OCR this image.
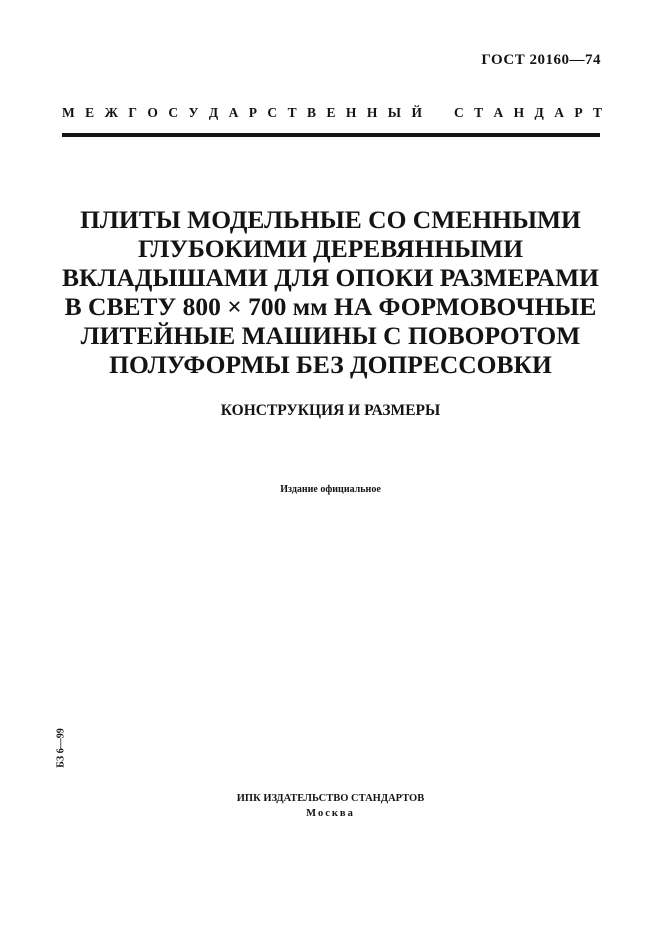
ГОСТ 20160—74
М Е Ж Г О С У Д А Р С Т В Е Н Н Ы Й С Т А Н Д А Р Т
ПЛИТЫ МОДЕЛЬНЫЕ СО СМЕННЫМИ
ГЛУБОКИМИ ДЕРЕВЯННЫМИ
ВКЛАДЫШАМИ ДЛЯ ОПОКИ РАЗМЕРАМИ
В СВЕТУ 800 × 700 мм НА ФОРМОВОЧНЫЕ
ЛИТЕЙНЫЕ МАШИНЫ С ПОВОРОТОМ
ПОЛУФОРМЫ БЕЗ ДОПРЕССОВКИ
КОНСТРУКЦИЯ И РАЗМЕРЫ
Издание официальное
БЗ 6—99
ИПК ИЗДАТЕЛЬСТВО СТАНДАРТОВ
Москва
